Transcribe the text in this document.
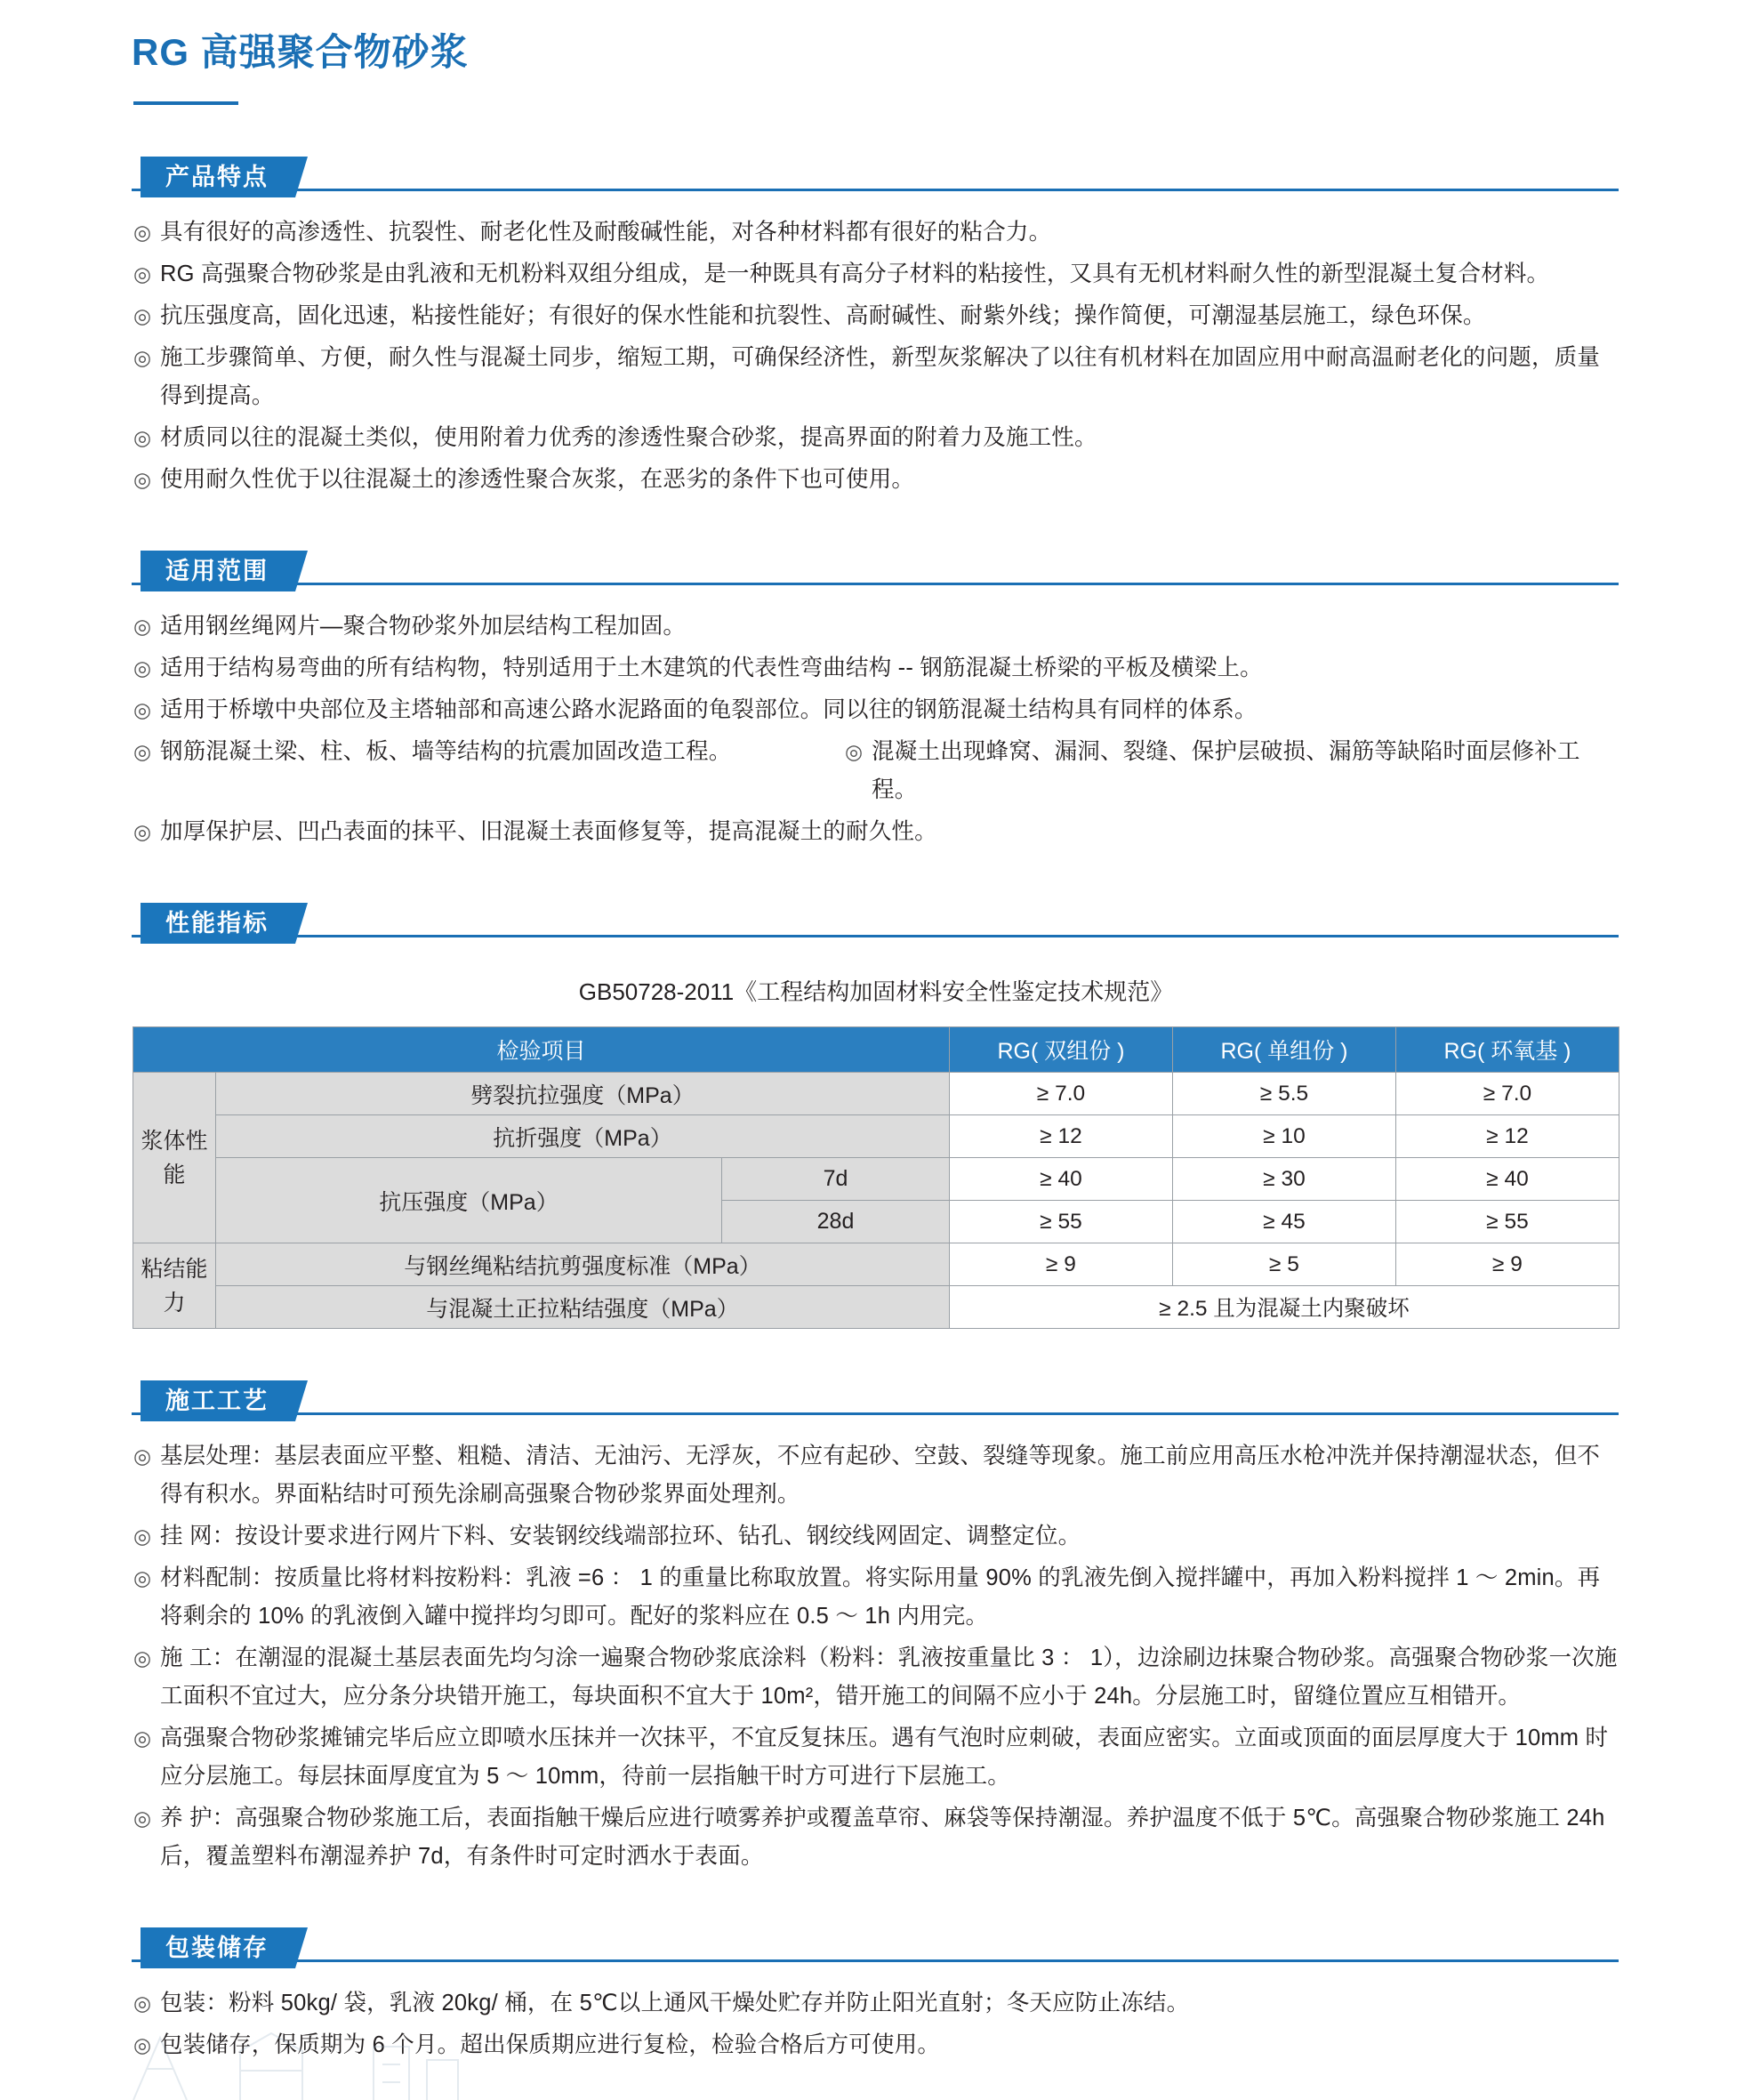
RG 高强聚合物砂浆
产品特点
◎ 具有很好的高渗透性、抗裂性、耐老化性及耐酸碱性能，对各种材料都有很好的粘合力。
◎ RG 高强聚合物砂浆是由乳液和无机粉料双组分组成，是一种既具有高分子材料的粘接性，又具有无机材料耐久性的新型混凝土复合材料。
◎ 抗压强度高，固化迅速，粘接性能好；有很好的保水性能和抗裂性、高耐碱性、耐紫外线；操作简便，可潮湿基层施工，绿色环保。
◎ 施工步骤简单、方便，耐久性与混凝土同步，缩短工期，可确保经济性，新型灰浆解决了以往有机材料在加固应用中耐高温耐老化的问题，质量得到提高。
◎ 材质同以往的混凝土类似，使用附着力优秀的渗透性聚合砂浆，提高界面的附着力及施工性。
◎ 使用耐久性优于以往混凝土的渗透性聚合灰浆，在恶劣的条件下也可使用。
适用范围
◎ 适用钢丝绳网片—聚合物砂浆外加层结构工程加固。
◎ 适用于结构易弯曲的所有结构物，特别适用于土木建筑的代表性弯曲结构 -- 钢筋混凝土桥梁的平板及横梁上。
◎ 适用于桥墩中央部位及主塔轴部和高速公路水泥路面的龟裂部位。同以往的钢筋混凝土结构具有同样的体系。
◎ 钢筋混凝土梁、柱、板、墙等结构的抗震加固改造工程。	◎ 混凝土出现蜂窝、漏洞、裂缝、保护层破损、漏筋等缺陷时面层修补工程。
◎ 加厚保护层、凹凸表面的抹平、旧混凝土表面修复等，提高混凝土的耐久性。
性能指标
GB50728-2011《工程结构加固材料安全性鉴定技术规范》
检验项目			RG( 双组份 )	RG( 单组份 )	RG( 环氧基 )
浆体性能	劈裂抗拉强度（MPa）		≥ 7.0	≥ 5.5	≥ 7.0
	抗折强度（MPa）		≥ 12	≥ 10	≥ 12
	抗压强度（MPa）	7d	≥ 40	≥ 30	≥ 40
		28d	≥ 55	≥ 45	≥ 55
粘结能力	与钢丝绳粘结抗剪强度标准（MPa）		≥ 9	≥ 5	≥ 9
	与混凝土正拉粘结强度（MPa）		≥ 2.5 且为混凝土内聚破坏		
施工工艺
◎ 基层处理：基层表面应平整、粗糙、清洁、无油污、无浮灰，不应有起砂、空鼓、裂缝等现象。施工前应用高压水枪冲洗并保持潮湿状态，但不得有积水。界面粘结时可预先涂刷高强聚合物砂浆界面处理剂。
◎ 挂 网：按设计要求进行网片下料、安装钢绞线端部拉环、钻孔、钢绞线网固定、调整定位。
◎ 材料配制：按质量比将材料按粉料：乳液 =6 ： 1 的重量比称取放置。将实际用量 90% 的乳液先倒入搅拌罐中，再加入粉料搅拌 1 ～ 2min。再将剩余的 10% 的乳液倒入罐中搅拌均匀即可。配好的浆料应在 0.5 ～ 1h 内用完。
◎ 施 工：在潮湿的混凝土基层表面先均匀涂一遍聚合物砂浆底涂料（粉料：乳液按重量比 3 ： 1），边涂刷边抹聚合物砂浆。高强聚合物砂浆一次施工面积不宜过大，应分条分块错开施工，每块面积不宜大于 10m²，错开施工的间隔不应小于 24h。分层施工时，留缝位置应互相错开。
◎ 高强聚合物砂浆摊铺完毕后应立即喷水压抹并一次抹平，不宜反复抹压。遇有气泡时应刺破，表面应密实。立面或顶面的面层厚度大于 10mm 时应分层施工。每层抹面厚度宜为 5 ～ 10mm，待前一层指触干时方可进行下层施工。
◎ 养 护：高强聚合物砂浆施工后，表面指触干燥后应进行喷雾养护或覆盖草帘、麻袋等保持潮湿。养护温度不低于 5℃。高强聚合物砂浆施工 24h 后，覆盖塑料布潮湿养护 7d，有条件时可定时洒水于表面。
包装储存
◎ 包装：粉料 50kg/ 袋，乳液 20kg/ 桶，在 5℃以上通风干燥处贮存并防止阳光直射；冬天应防止冻结。
◎ 包装储存，保质期为 6 个月。超出保质期应进行复检，检验合格后方可使用。
